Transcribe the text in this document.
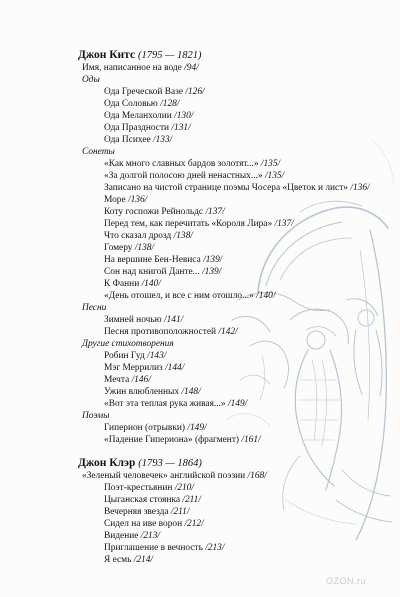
Джон Китс (1795 — 1821)
Имя, написанное на воде /94/
Оды
Ода Греческой Вазе /126/
Ода Соловью /128/
Ода Меланхолии /130/
Ода Праздности /131/
Ода Психее /133/
Сонеты
«Как много славных бардов золотят...» /135/
«За долгой полосою дней ненастных...» /135/
Записано на чистой странице поэмы Чосера «Цветок и лист» /136/
Море /136/
Коту госпожи Рейнольдс /137/
Перед тем, как перечитать «Короля Лира» /137/
Что сказал дрозд /138/
Гомеру /138/
На вершине Бен-Невиса /139/
Сон над книгой Данте... /139/
К Фанни /140/
«День отошел, и все с ним отошло...» /140/
Песни
Зимней ночью /141/
Песня противоположностей /142/
Другие стихотворения
Робин Гуд /143/
Мэг Меррилиз /144/
Мечта /146/
Ужин влюбленных /148/
«Вот эта теплая рука живая...» /149/
Поэмы
Гиперион (отрывки) /149/
«Падение Гипериона» (фрагмент) /161/
Джон Клэр (1793 — 1864)
«Зеленый человечек» английской поэзии /168/
Поэт-крестьянин /210/
Цыганская стоянка /211/
Вечерняя звезда /211/
Сидел на иве ворон /212/
Видение /213/
Приглашение в вечность /213/
Я есмь /214/
OZON.ru
